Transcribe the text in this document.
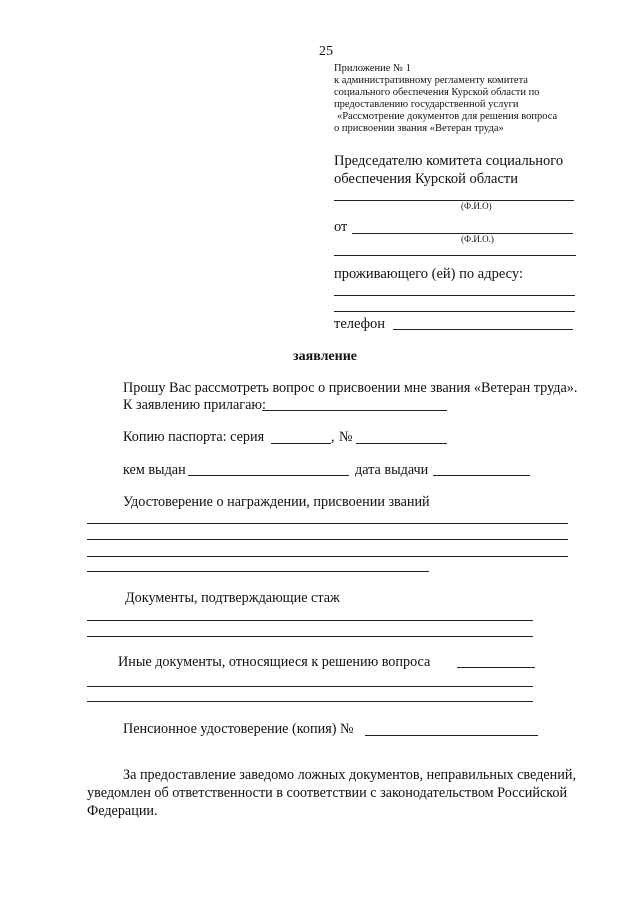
25
Приложение № 1
к административному регламенту комитета
социального обеспечения Курской области по
предоставлению государственной услуги
«Рассмотрение документов для решения вопроса
о присвоении звания «Ветеран труда»
Председателю комитета социального
обеспечения Курской области
(Ф.И.О)
от
(Ф.И.О.)
проживающего (ей) по адресу:
телефон
заявление
Прошу Вас рассмотреть вопрос о присвоении мне звания «Ветеран труда».
К заявлению прилагаю:
Копию паспорта: серия	, №
кем выдан	дата выдачи
Удостоверение о награждении, присвоении званий
Документы, подтверждающие стаж
Иные документы, относящиеся к решению вопроса
Пенсионное удостоверение (копия) №
За предоставление заведомо ложных документов, неправильных сведений,
уведомлен об ответственности в соответствии с законодательством Российской
Федерации.
